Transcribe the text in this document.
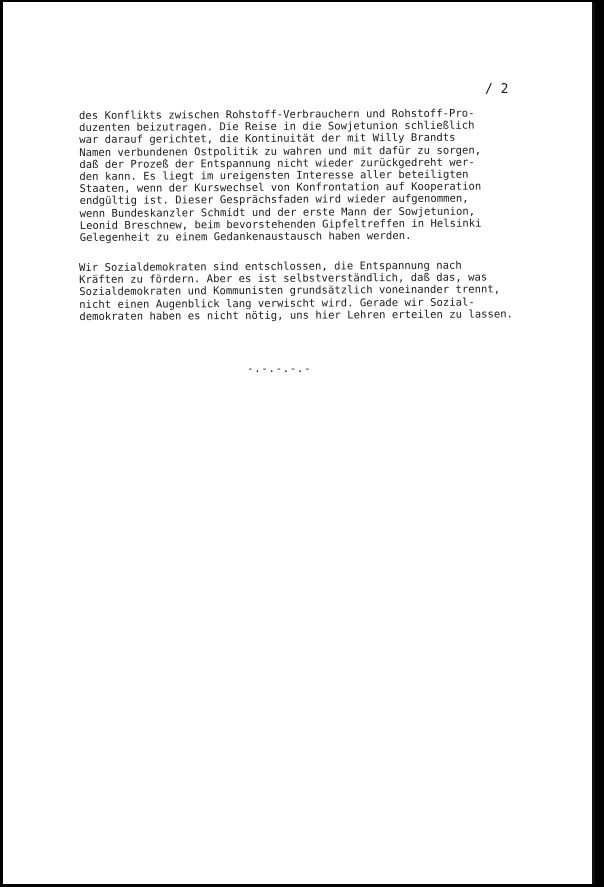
/ 2
des Konflikts zwischen Rohstoff-Verbrauchern und Rohstoff-Pro-
duzenten beizutragen. Die Reise in die Sowjetunion schließlich
war darauf gerichtet, die Kontinuität der mit Willy Brandts
Namen verbundenen Ostpolitik zu wahren und mit dafür zu sorgen,
daß der Prozeß der Entspannung nicht wieder zurückgedreht wer-
den kann. Es liegt im ureigensten Interesse aller beteiligten
Staaten, wenn der Kurswechsel von Konfrontation auf Kooperation
endgültig ist. Dieser Gesprächsfaden wird wieder aufgenommen,
wenn Bundeskanzler Schmidt und der erste Mann der Sowjetunion,
Leonid Breschnew, beim bevorstehenden Gipfeltreffen in Helsinki
Gelegenheit zu einem Gedankenaustausch haben werden.
Wir Sozialdemokraten sind entschlossen, die Entspannung nach
Kräften zu fördern. Aber es ist selbstverständlich, daß das, was
Sozialdemokraten und Kommunisten grundsätzlich voneinander trennt,
nicht einen Augenblick lang verwischt wird. Gerade wir Sozial-
demokraten haben es nicht nötig, uns hier Lehren erteilen zu lassen.
-.-.-.-.-
